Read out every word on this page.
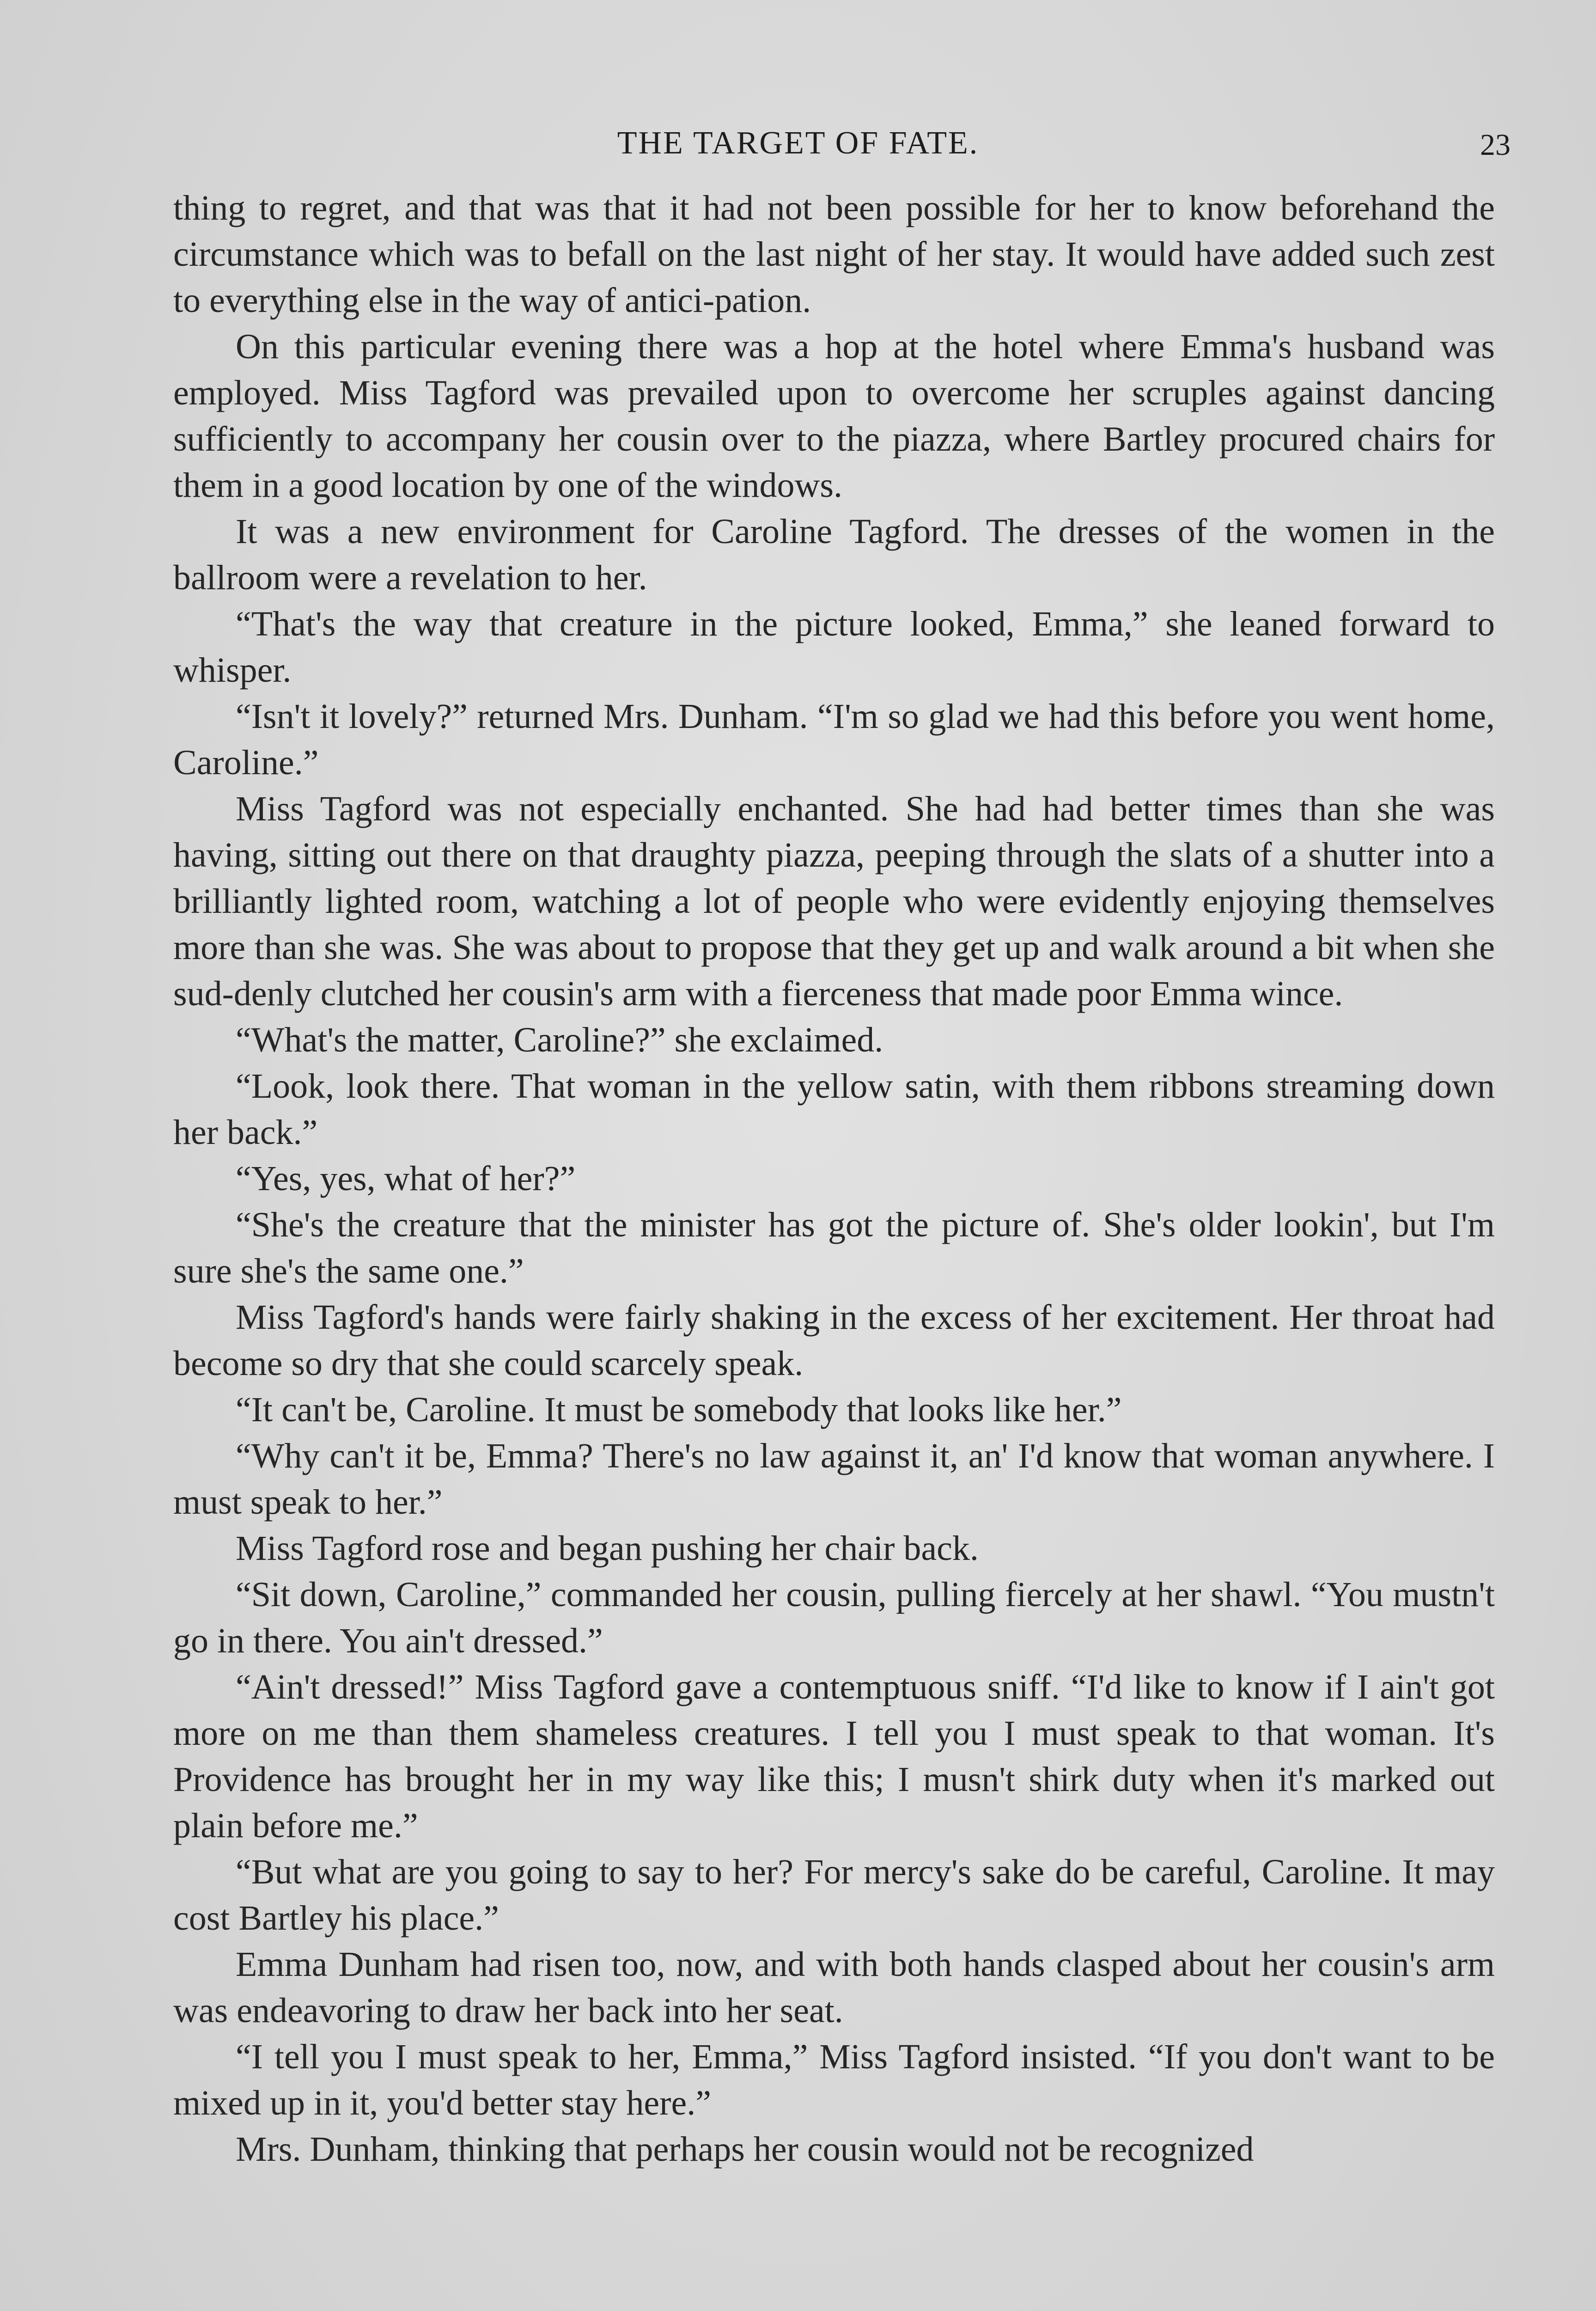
THE TARGET OF FATE.	23

thing to regret, and that was that it had not been possible for her to know beforehand the circumstance which was to befall on the last night of her stay. It would have added such zest to everything else in the way of antici-pation.

On this particular evening there was a hop at the hotel where Emma's husband was employed. Miss Tagford was prevailed upon to overcome her scruples against dancing sufficiently to accompany her cousin over to the piazza, where Bartley procured chairs for them in a good location by one of the windows.

It was a new environment for Caroline Tagford. The dresses of the women in the ballroom were a revelation to her.

“That's the way that creature in the picture looked, Emma,” she leaned forward to whisper.

“Isn't it lovely?” returned Mrs. Dunham. “I'm so glad we had this before you went home, Caroline.”

Miss Tagford was not especially enchanted. She had had better times than she was having, sitting out there on that draughty piazza, peeping through the slats of a shutter into a brilliantly lighted room, watching a lot of people who were evidently enjoying themselves more than she was. She was about to propose that they get up and walk around a bit when she sud-denly clutched her cousin's arm with a fierceness that made poor Emma wince.

“What's the matter, Caroline?” she exclaimed.

“Look, look there. That woman in the yellow satin, with them ribbons streaming down her back.”

“Yes, yes, what of her?”

“She's the creature that the minister has got the picture of. She's older lookin', but I'm sure she's the same one.”

Miss Tagford's hands were fairly shaking in the excess of her excitement. Her throat had become so dry that she could scarcely speak.

“It can't be, Caroline. It must be somebody that looks like her.”

“Why can't it be, Emma? There's no law against it, an' I'd know that woman anywhere. I must speak to her.”

Miss Tagford rose and began pushing her chair back.

“Sit down, Caroline,” commanded her cousin, pulling fiercely at her shawl. “You mustn't go in there. You ain't dressed.”

“Ain't dressed!” Miss Tagford gave a contemptuous sniff. “I'd like to know if I ain't got more on me than them shameless creatures. I tell you I must speak to that woman. It's Providence has brought her in my way like this; I musn't shirk duty when it's marked out plain before me.”

“But what are you going to say to her? For mercy's sake do be careful, Caroline. It may cost Bartley his place.”

Emma Dunham had risen too, now, and with both hands clasped about her cousin's arm was endeavoring to draw her back into her seat.

“I tell you I must speak to her, Emma,” Miss Tagford insisted. “If you don't want to be mixed up in it, you'd better stay here.”

Mrs. Dunham, thinking that perhaps her cousin would not be recognized
